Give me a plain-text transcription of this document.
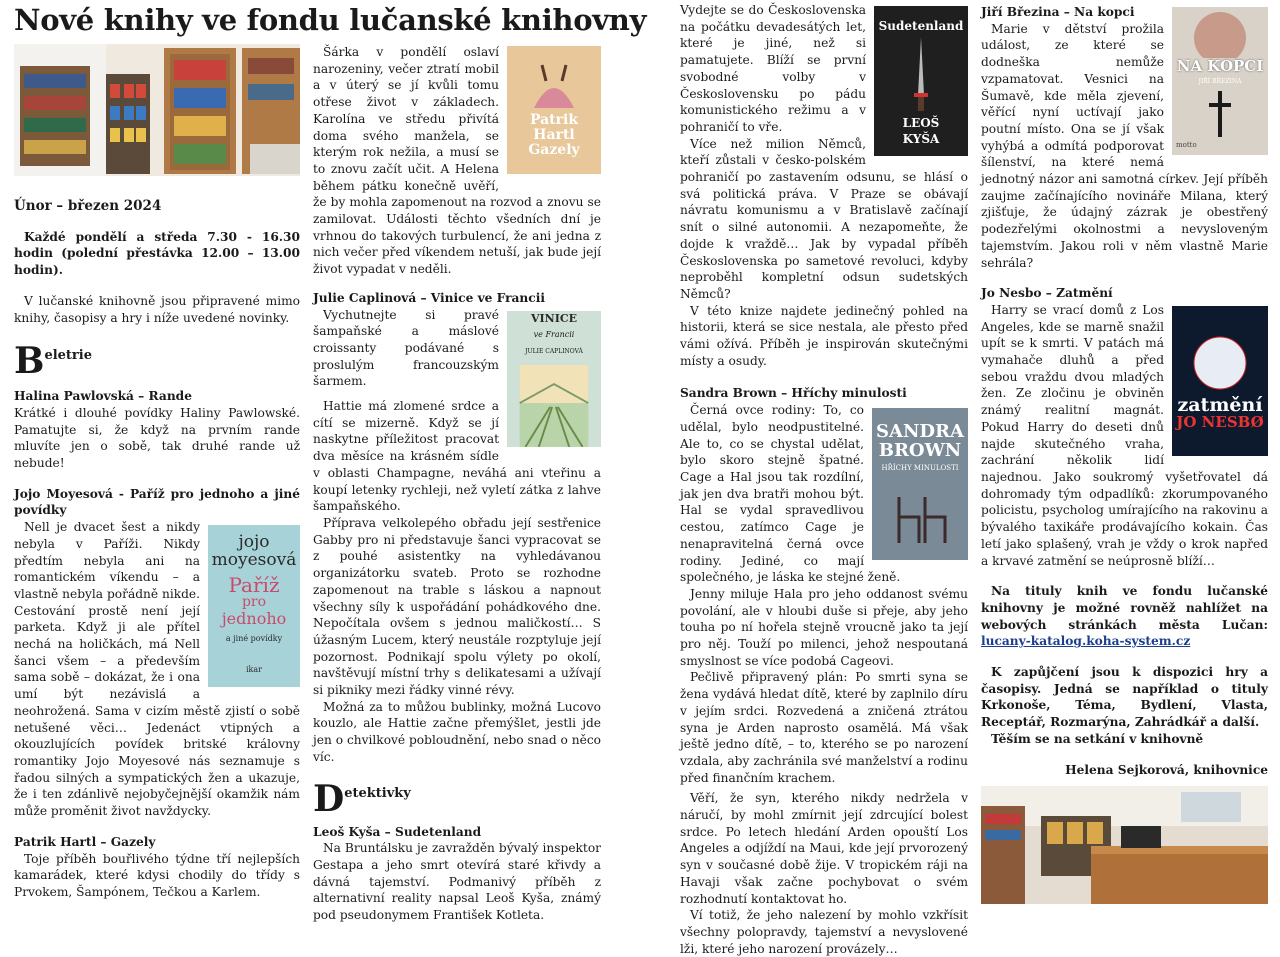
Nové knihy ve fondu lučanské knihovny

Únor – březen 2024

Každé pondělí a středa 7.30 - 16.30 hodin (polední přestávka 12.00 – 13.00 hodin).

V lučanské knihovně jsou připravené mimo knihy, časopisy a hry i níže uvedené novinky.

Beletrie

Halina Pawlovská – Rande

Krátké i dlouhé povídky Haliny Pawlowské. Pamatujte si, že když na prvním rande mluvíte jen o sobě, tak druhé rande už nebude!

Jojo Moyesová - Paříž pro jednoho a jiné povídky

jojo
moyesová
Paříž
pro
jednoho
a jiné povídky
ikar

Nell je dvacet šest a nikdy nebyla v Paříži. Nikdy předtím nebyla ani na romantickém víkendu – a vlastně nebyla pořádně nikde. Cestování prostě není její parketa. Když ji ale přítel nechá na holičkách, má Nell šanci všem – a především sama sobě – dokázat, že i ona umí být nezávislá a neohrožená. Sama v cizím městě zjistí o sobě netušené věci… Jedenáct vtipných a okouzlujících povídek britské královny romantiky Jojo Moyesové nás seznamuje s řadou silných a sympatických žen a ukazuje, že i ten zdánlivě nejobyčejnější okamžik nám může proměnit život navždycky.

Patrik Hartl – Gazely

Toje příběh bouřlivého týdne tří nejlepších kamarádek, které kdysi chodily do třídy s Prvokem, Šampónem, Tečkou a Karlem.

Patrik
Hartl
Gazely

Šárka v pondělí oslaví narozeniny, večer ztratí mobil a v úterý se jí kvůli tomu otřese život v základech. Karolína ve středu přivítá doma svého manžela, se kterým rok nežila, a musí se to znovu začít učit. A Helena během pátku konečně uvěří, že by mohla zapomenout na rozvod a znovu se zamilovat. Události těchto všedních dní je vrhnou do takových turbulencí, že ani jedna z nich večer před víkendem netuší, jak bude její život vypadat v neděli.

Julie Caplinová – Vinice ve Francii

VINICE
ve Francii
JULIE CAPLINOVÁ

Vychutnejte si pravé šampaňské a máslové croissanty podávané s proslulým francouzským šarmem.

Hattie má zlomené srdce a cítí se mizerně. Když se jí naskytne příležitost pracovat dva měsíce na krásném sídle v oblasti Champagne, neváhá ani vteřinu a koupí letenky rychleji, než vyletí zátka z lahve šampaňského.

Příprava velkolepého obřadu její sestřenice Gabby pro ni představuje šanci vypracovat se z pouhé asistentky na vyhledávanou organizátorku svateb. Proto se rozhodne zapomenout na trable s láskou a napnout všechny síly k uspořádání pohádkového dne. Nepočítala ovšem s jednou maličkostí… S úžasným Lucem, který neustále rozptyluje její pozornost. Podnikají spolu výlety po okolí, navštěvují místní trhy s delikatesami a užívají si pikniky mezi řádky vinné révy.

Možná za to můžou bublinky, možná Lucovo kouzlo, ale Hattie začne přemýšlet, jestli jde jen o chvilkové pobloudnění, nebo snad o něco víc.

Detektivky

Leoš Kyša – Sudetenland

Na Bruntálsku je zavražděn bývalý inspektor Gestapa a jeho smrt otevírá staré křivdy a dávná tajemství. Podmanivý příběh z alternativní reality napsal Leoš Kyša, známý pod pseudonymem František Kotleta.

Sudetenland
LEOŠ
KYŠA

Vydejte se do Československa na počátku devadesátých let, které je jiné, než si pamatujete. Blíží se první svobodné volby v Československu po pádu komunistického režimu a v pohraničí to vře.

Více než milion Němců, kteří zůstali v česko-polském pohraničí po zastavením odsunu, se hlásí o svá politická práva. V Praze se obávají návratu komunismu a v Bratislavě začínají snít o silné autonomii. A nezapomeňte, že dojde k vraždě… Jak by vypadal příběh Československa po sametové revoluci, kdyby neproběhl kompletní odsun sudetských Němců?

V této knize najdete jedinečný pohled na historii, která se sice nestala, ale přesto před vámi ožívá. Příběh je inspirován skutečnými místy a osudy.

Sandra Brown – Hříchy minulosti

SANDRA
BROWN
HŘÍCHY MINULOSTI

Černá ovce rodiny: To, co udělal, bylo neodpustitelné. Ale to, co se chystal udělat, bylo skoro stejně špatné. Cage a Hal jsou tak rozdílní, jak jen dva bratři mohou být. Hal se vydal spravedlivou cestou, zatímco Cage je nenapravitelná černá ovce rodiny. Jediné, co mají společného, je láska ke stejné ženě.

Jenny miluje Hala pro jeho oddanost svému povolání, ale v hloubi duše si přeje, aby jeho touha po ní hořela stejně vroucně jako ta její pro něj. Touží po milenci, jehož nespoutaná smyslnost se více podobá Cageovi.

Pečlivě připravený plán: Po smrti syna se žena vydává hledat dítě, které by zaplnilo díru v jejím srdci. Rozvedená a zničená ztrátou syna je Arden naprosto osamělá. Má však ještě jedno dítě, – to, kterého se po narození vzdala, aby zachránila své manželství a rodinu před finančním krachem.

Věří, že syn, kterého nikdy nedržela v náručí, by mohl zmírnit její zdrcující bolest srdce. Po letech hledání Arden opouští Los Angeles a odjíždí na Maui, kde její prvorozený syn v současné době žije. V tropickém ráji na Havaji však začne pochybovat o svém rozhodnutí kontaktovat ho.

Ví totiž, že jeho nalezení by mohlo vzkřísit všechny polopravdy, tajemství a nevyslovené lži, které jeho narození provázely…

Jiří Březina – Na kopci

NA KOPCI
JIŘÍ BŘEZINA
motto

Marie v dětství prožila událost, ze které se dodneška nemůže vzpamatovat. Vesnici na Šumavě, kde měla zjevení, věřící nyní uctívají jako poutní místo. Ona se jí však vyhýbá a odmítá podporovat šílenství, na které nemá jednotný názor ani samotná církev. Její příběh zaujme začínajícího novináře Milana, který zjišťuje, že údajný zázrak je obestřený podezřelými okolnostmi a nevysloveným tajemstvím. Jakou roli v něm vlastně Marie sehrála?

Jo Nesbo – Zatmění

zatmění
JO NESBØ

Harry se vrací domů z Los Angeles, kde se marně snažil upít se k smrti. V patách má vymahače dluhů a před sebou vraždu dvou mladých žen. Ze zločinu je obviněn známý realitní magnát. Pokud Harry do deseti dnů najde skutečného vraha, zachrání několik lidí najednou. Jako soukromý vyšetřovatel dá dohromady tým odpadlíků: zkorumpovaného policistu, psycholog umírajícího na rakovinu a bývalého taxikáře prodávajícího kokain. Čas letí jako splašený, vrah je vždy o krok napřed a krvavé zatmění se neúprosně blíží…

Na tituly knih ve fondu lučanské knihovny je možné rovněž nahlížet na webových stránkách města Lučan: lucany-katalog.koha-system.cz

K zapůjčení jsou k dispozici hry a časopisy. Jedná se například o tituly Krkonoše, Téma, Bydlení, Vlasta, Receptář, Rozmarýna, Zahrádkář a další.

Těším se na setkání v knihovně

Helena Sejkorová, knihovnice
